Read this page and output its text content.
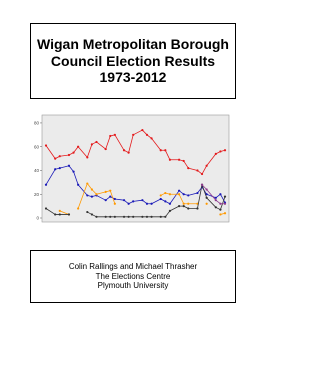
Wigan Metropolitan Borough
Council Election Results
1973-2012
0
20
40
60
80
Colin Rallings and Michael Thrasher
The Elections Centre
Plymouth University
